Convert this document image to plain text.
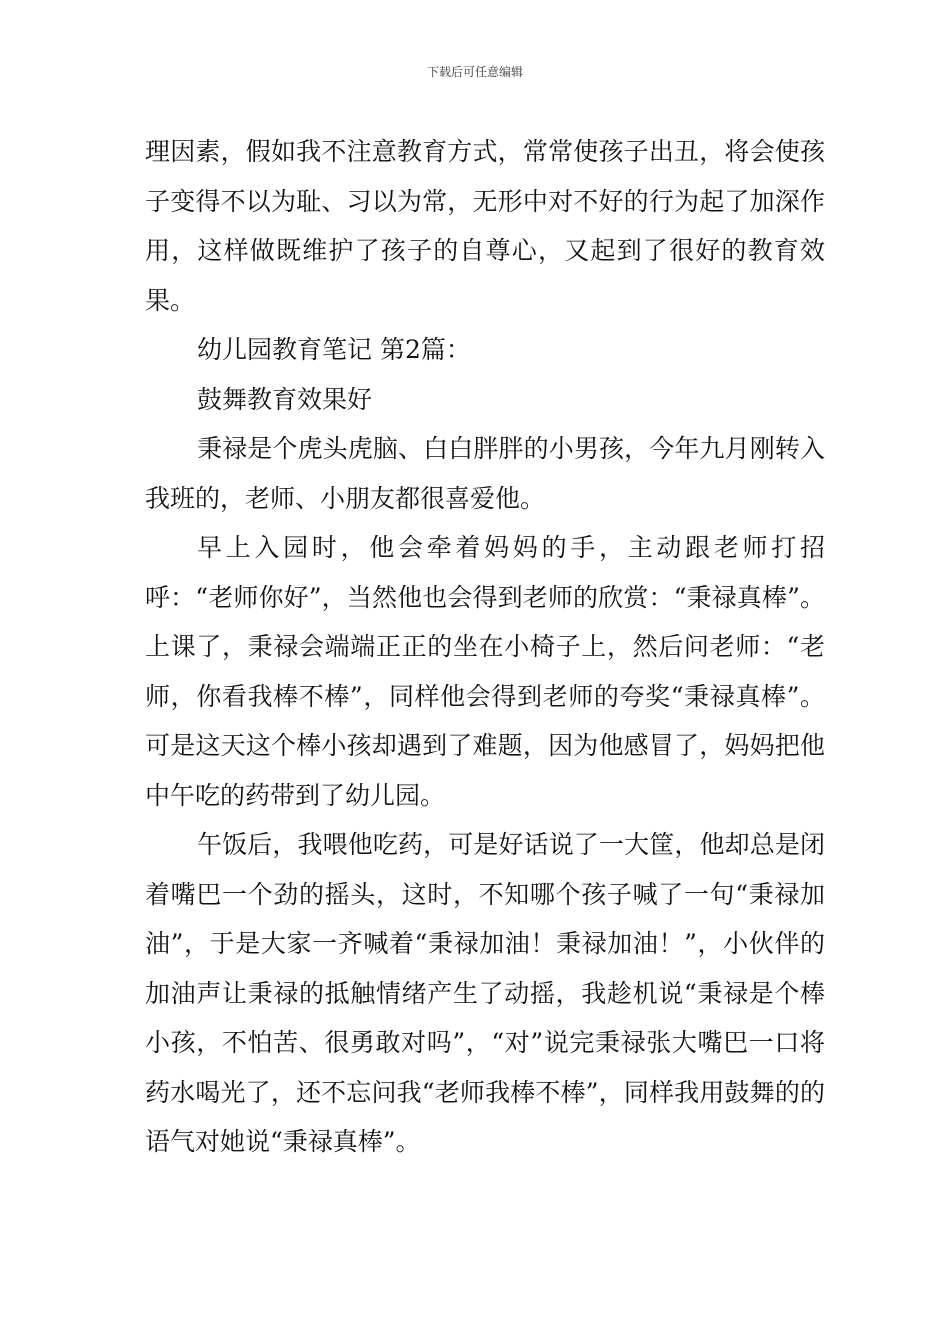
下载后可任意编辑

理因素，假如我不注意教育方式，常常使孩子出丑，将会使孩子变得不以为耻、习以为常，无形中对不好的行为起了加深作用，这样做既维护了孩子的自尊心，又起到了很好的教育效果。

幼儿园教育笔记 第2篇：

鼓舞教育效果好

秉禄是个虎头虎脑、白白胖胖的小男孩，今年九月刚转入我班的，老师、小朋友都很喜爱他。

早上入园时，他会牵着妈妈的手，主动跟老师打招呼：“老师你好”，当然他也会得到老师的欣赏：“秉禄真棒”。上课了，秉禄会端端正正的坐在小椅子上，然后问老师：“老师，你看我棒不棒”，同样他会得到老师的夸奖“秉禄真棒”。可是这天这个棒小孩却遇到了难题，因为他感冒了，妈妈把他中午吃的药带到了幼儿园。

午饭后，我喂他吃药，可是好话说了一大筐，他却总是闭着嘴巴一个劲的摇头，这时，不知哪个孩子喊了一句“秉禄加油”，于是大家一齐喊着“秉禄加油！秉禄加油！”，小伙伴的加油声让秉禄的抵触情绪产生了动摇，我趁机说“秉禄是个棒小孩，不怕苦、很勇敢对吗”，“对”说完秉禄张大嘴巴一口将药水喝光了，还不忘问我“老师我棒不棒”，同样我用鼓舞的的语气对她说“秉禄真棒”。
